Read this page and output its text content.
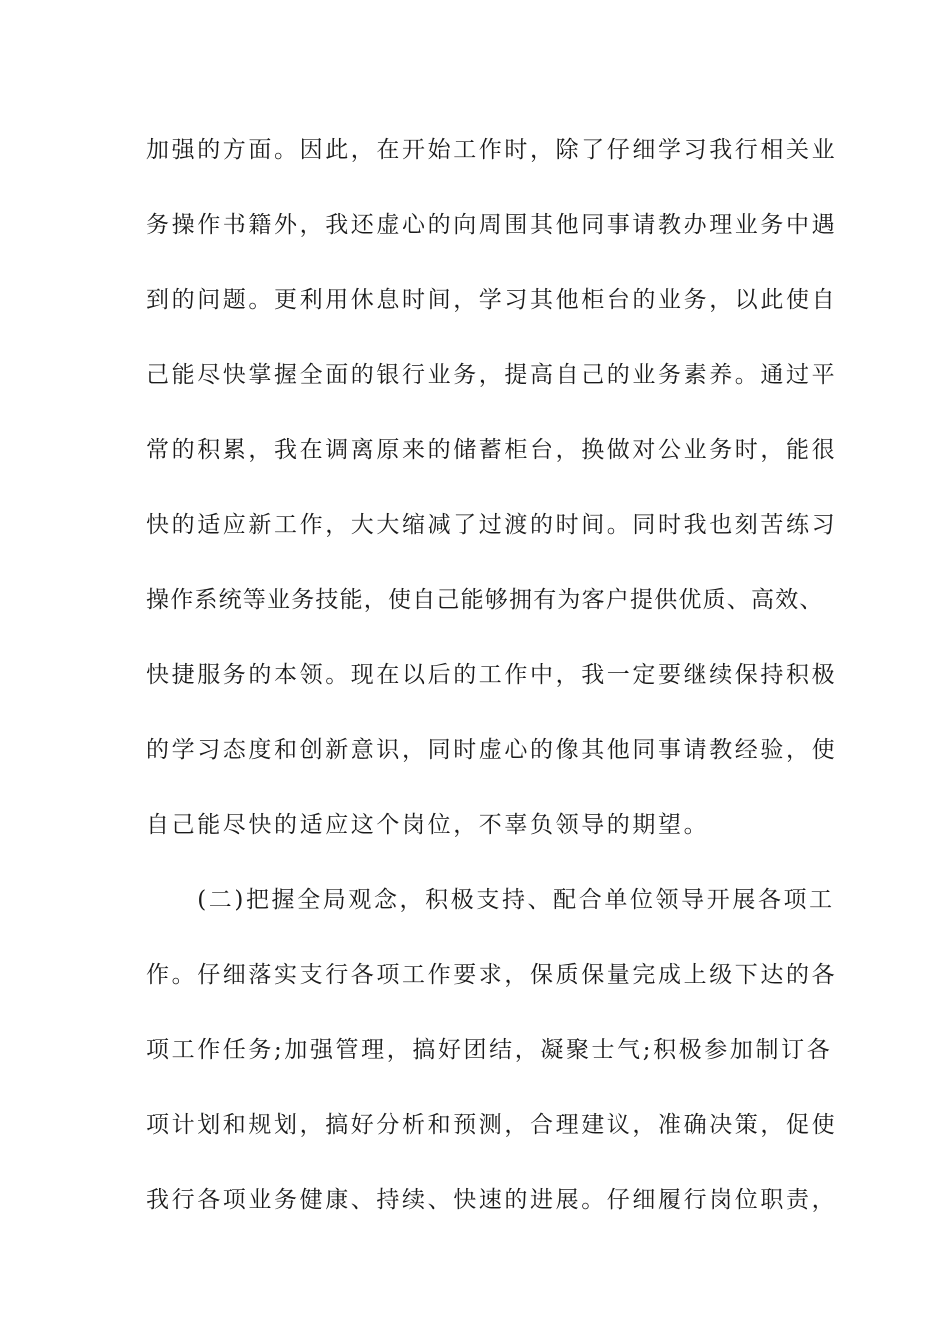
加强的方面。因此，在开始工作时，除了仔细学习我行相关业
务操作书籍外，我还虚心的向周围其他同事请教办理业务中遇
到的问题。更利用休息时间，学习其他柜台的业务，以此使自
己能尽快掌握全面的银行业务，提高自己的业务素养。通过平
常的积累，我在调离原来的储蓄柜台，换做对公业务时，能很
快的适应新工作，大大缩减了过渡的时间。同时我也刻苦练习
操作系统等业务技能，使自己能够拥有为客户提供优质、高效、
快捷服务的本领。现在以后的工作中，我一定要继续保持积极
的学习态度和创新意识，同时虚心的像其他同事请教经验，使
自己能尽快的适应这个岗位，不辜负领导的期望。
　　(二)把握全局观念，积极支持、配合单位领导开展各项工
作。仔细落实支行各项工作要求，保质保量完成上级下达的各
项工作任务;加强管理，搞好团结，凝聚士气;积极参加制订各
项计划和规划，搞好分析和预测，合理建议，准确决策，促使
我行各项业务健康、持续、快速的进展。仔细履行岗位职责，
